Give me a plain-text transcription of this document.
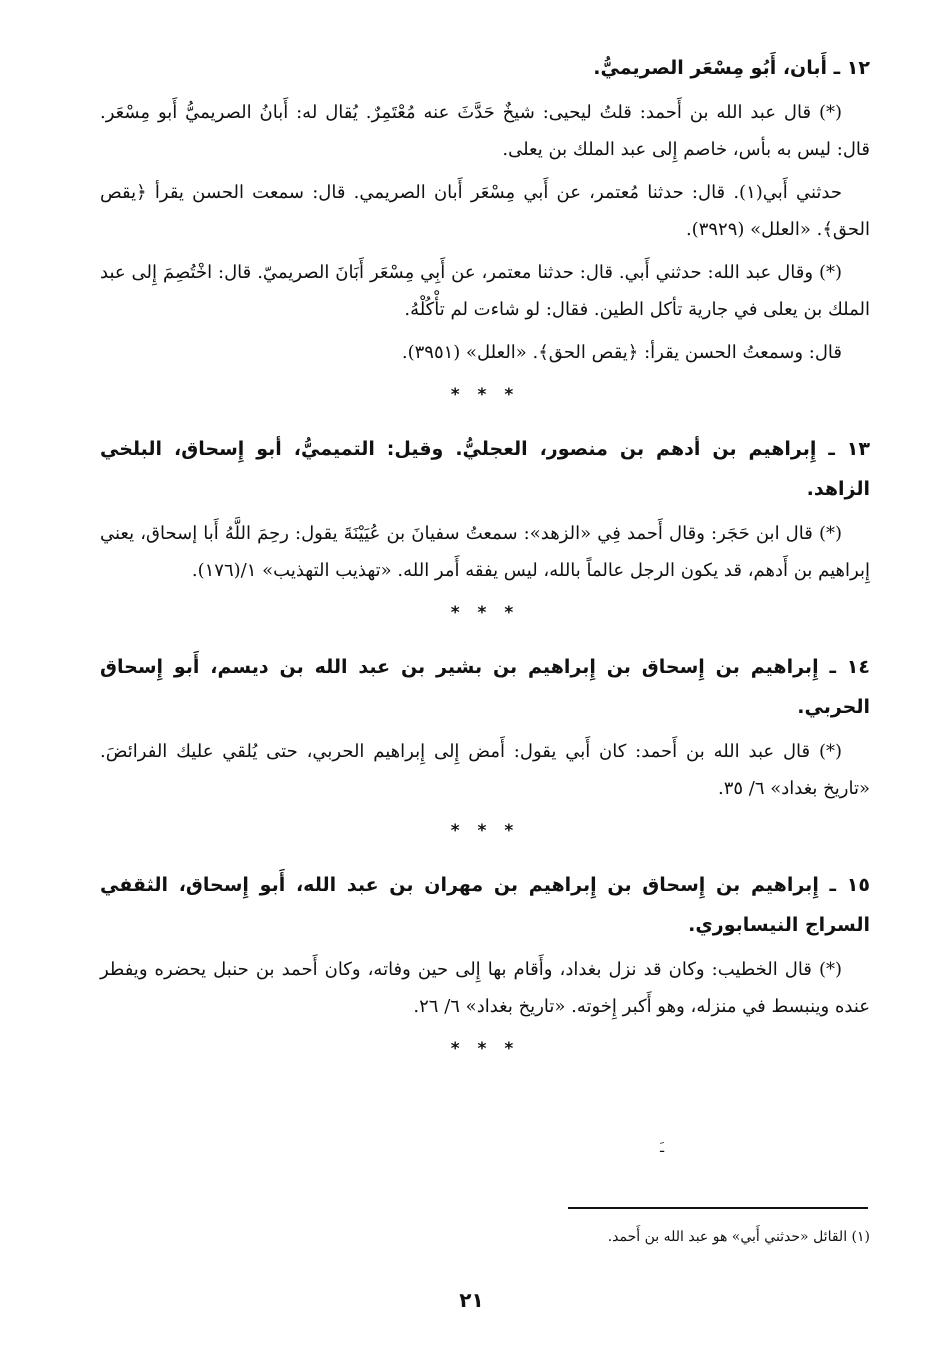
١٢ ـ أَبان، أَبُو مِسْعَر الصريميُّ.

(*) قال عبد الله بن أَحمد: قلتُ ليحيى: شيخٌ حَدَّثَ عنه مُعْتَمِرٌ. يُقال له: أَبانُ الصريميُّ أَبو مِسْعَر. قال: ليس به بأس، خاصم إِلى عبد الملك بن يعلى.

حدثني أَبي(١). قال: حدثنا مُعتمر، عن أَبي مِسْعَر أَبان الصريمي. قال: سمعت الحسن يقرأ ﴿يقص الحق﴾. «العلل» (٣٩٢٩).

(*) وقال عبد الله: حدثني أَبي. قال: حدثنا معتمر، عن أَبِي مِسْعَر أَبَانَ الصريميّ. قال: اخْتُصِمَ إِلى عبد الملك بن يعلى في جارية تأكل الطين. فقال: لو شاءت لم تأْكُلْهُ.

قال: وسمعتُ الحسن يقرأ: ﴿يقص الحق﴾. «العلل» (٣٩٥١).

* * *
١٣ ـ إِبراهيم بن أدهم بن منصور، العجليُّ. وقيل: التميميُّ، أبو إِسحاق، البلخي الزاهد.

(*) قال ابن حَجَر: وقال أَحمد فِي «الزهد»: سمعتُ سفيانَ بن عُيَيْنَةَ يقول: رحِمَ اللَّهُ أَبا إسحاق، يعني إِبراهيم بن أَدهم، قد يكون الرجل عالماً بالله، ليس يفقه أَمر الله. «تهذيب التهذيب» ١/(١٧٦).

* * *
١٤ ـ إِبراهيم بن إِسحاق بن إِبراهيم بن بشير بن عبد الله بن ديسم، أَبو إِسحاق الحربي.

(*) قال عبد الله بن أَحمد: كان أَبي يقول: أَمض إِلى إِبراهيم الحربي، حتى يُلقي عليك الفرائضَ. «تاريخ بغداد» ٦/ ٣٥.

* * *
١٥ ـ إِبراهيم بن إِسحاق بن إِبراهيم بن مهران بن عبد الله، أَبو إِسحاق، الثقفي السراج النيسابوري.

(*) قال الخطيب: وكان قد نزل بغداد، وأَقام بها إِلى حين وفاته، وكان أَحمد بن حنبل يحضره ويفطر عنده وينبسط في منزله، وهو أَكبر إِخوته. «تاريخ بغداد» ٦/ ٢٦.

* * *
ـَ
(١) القائل «حدثني أَبي» هو عبد الله بن أَحمد.
٢١
